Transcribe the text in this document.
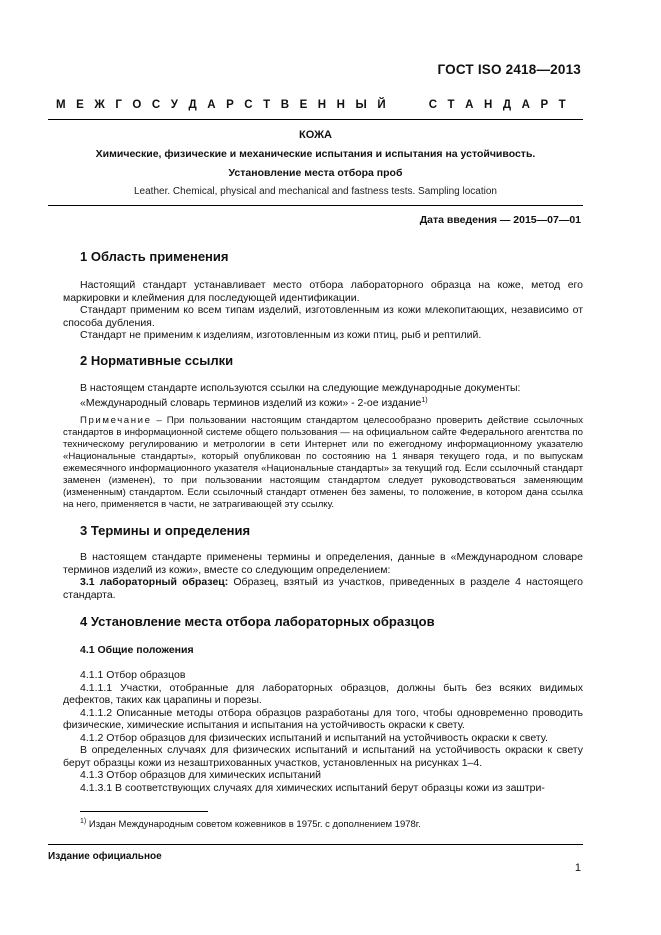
ГОСТ ISO 2418—2013
М Е Ж Г О С У Д А Р С Т В Е Н Н Ы Й	С Т А Н Д А Р Т
КОЖА
Химические, физические и механические испытания и испытания на устойчивость.
Установление места отбора проб
Leather. Chemical, physical and mechanical and fastness tests. Sampling location
Дата введения — 2015—07—01
1 Область применения

Настоящий стандарт устанавливает место отбора лабораторного образца на коже, метод его маркировки и клеймения для последующей идентификации.

Стандарт применим ко всем типам изделий, изготовленным из кожи млекопитающих, независимо от способа дубления.

Стандарт не применим к изделиям, изготовленным из кожи птиц, рыб и рептилий.

2 Нормативные ссылки

В настоящем стандарте используются ссылки на следующие международные документы:

«Международный словарь терминов изделий из кожи» - 2-ое издание$^{1)}$

Примечание – При пользовании настоящим стандартом целесообразно проверить действие ссылочных стандартов в информационной системе общего пользования — на официальном сайте Федерального агентства по техническому регулированию и метрологии в сети Интернет или по ежегодному информационному указателю «Национальные стандарты», который опубликован по состоянию на 1 января текущего года, и по выпускам ежемесячного информационного указателя «Национальные стандарты» за текущий год. Если ссылочный стандарт заменен (изменен), то при пользовании настоящим стандартом следует руководствоваться заменяющим (измененным) стандартом. Если ссылочный стандарт отменен без замены, то положение, в котором дана ссылка на него, применяется в части, не затрагивающей эту ссылку.

3 Термины и определения

В настоящем стандарте применены термины и определения, данные в «Международном словаре терминов изделий из кожи», вместе со следующим определением:

3.1 лабораторный образец: Образец, взятый из участков, приведенных в разделе 4 настоящего стандарта.

4 Установление места отбора лабораторных образцов
4.1 Общие положения

4.1.1 Отбор образцов

4.1.1.1 Участки, отобранные для лабораторных образцов, должны быть без всяких видимых дефектов, таких как царапины и порезы.

4.1.1.2 Описанные методы отбора образцов разработаны для того, чтобы одновременно проводить физические, химические испытания и испытания на устойчивость окраски к свету.

4.1.2 Отбор образцов для физических испытаний и испытаний на устойчивость окраски к свету.

В определенных случаях для физических испытаний и испытаний на устойчивость окраски к свету берут образцы кожи из незаштрихованных участков, установленных на рисунках 1–4.

4.1.3 Отбор образцов для химических испытаний

4.1.3.1 В соответствующих случаях для химических испытаний берут образцы кожи из заштри-

$^{1)}$ Издан Международным советом кожевников в 1975г. с дополнением 1978г.
Издание официальное
1
